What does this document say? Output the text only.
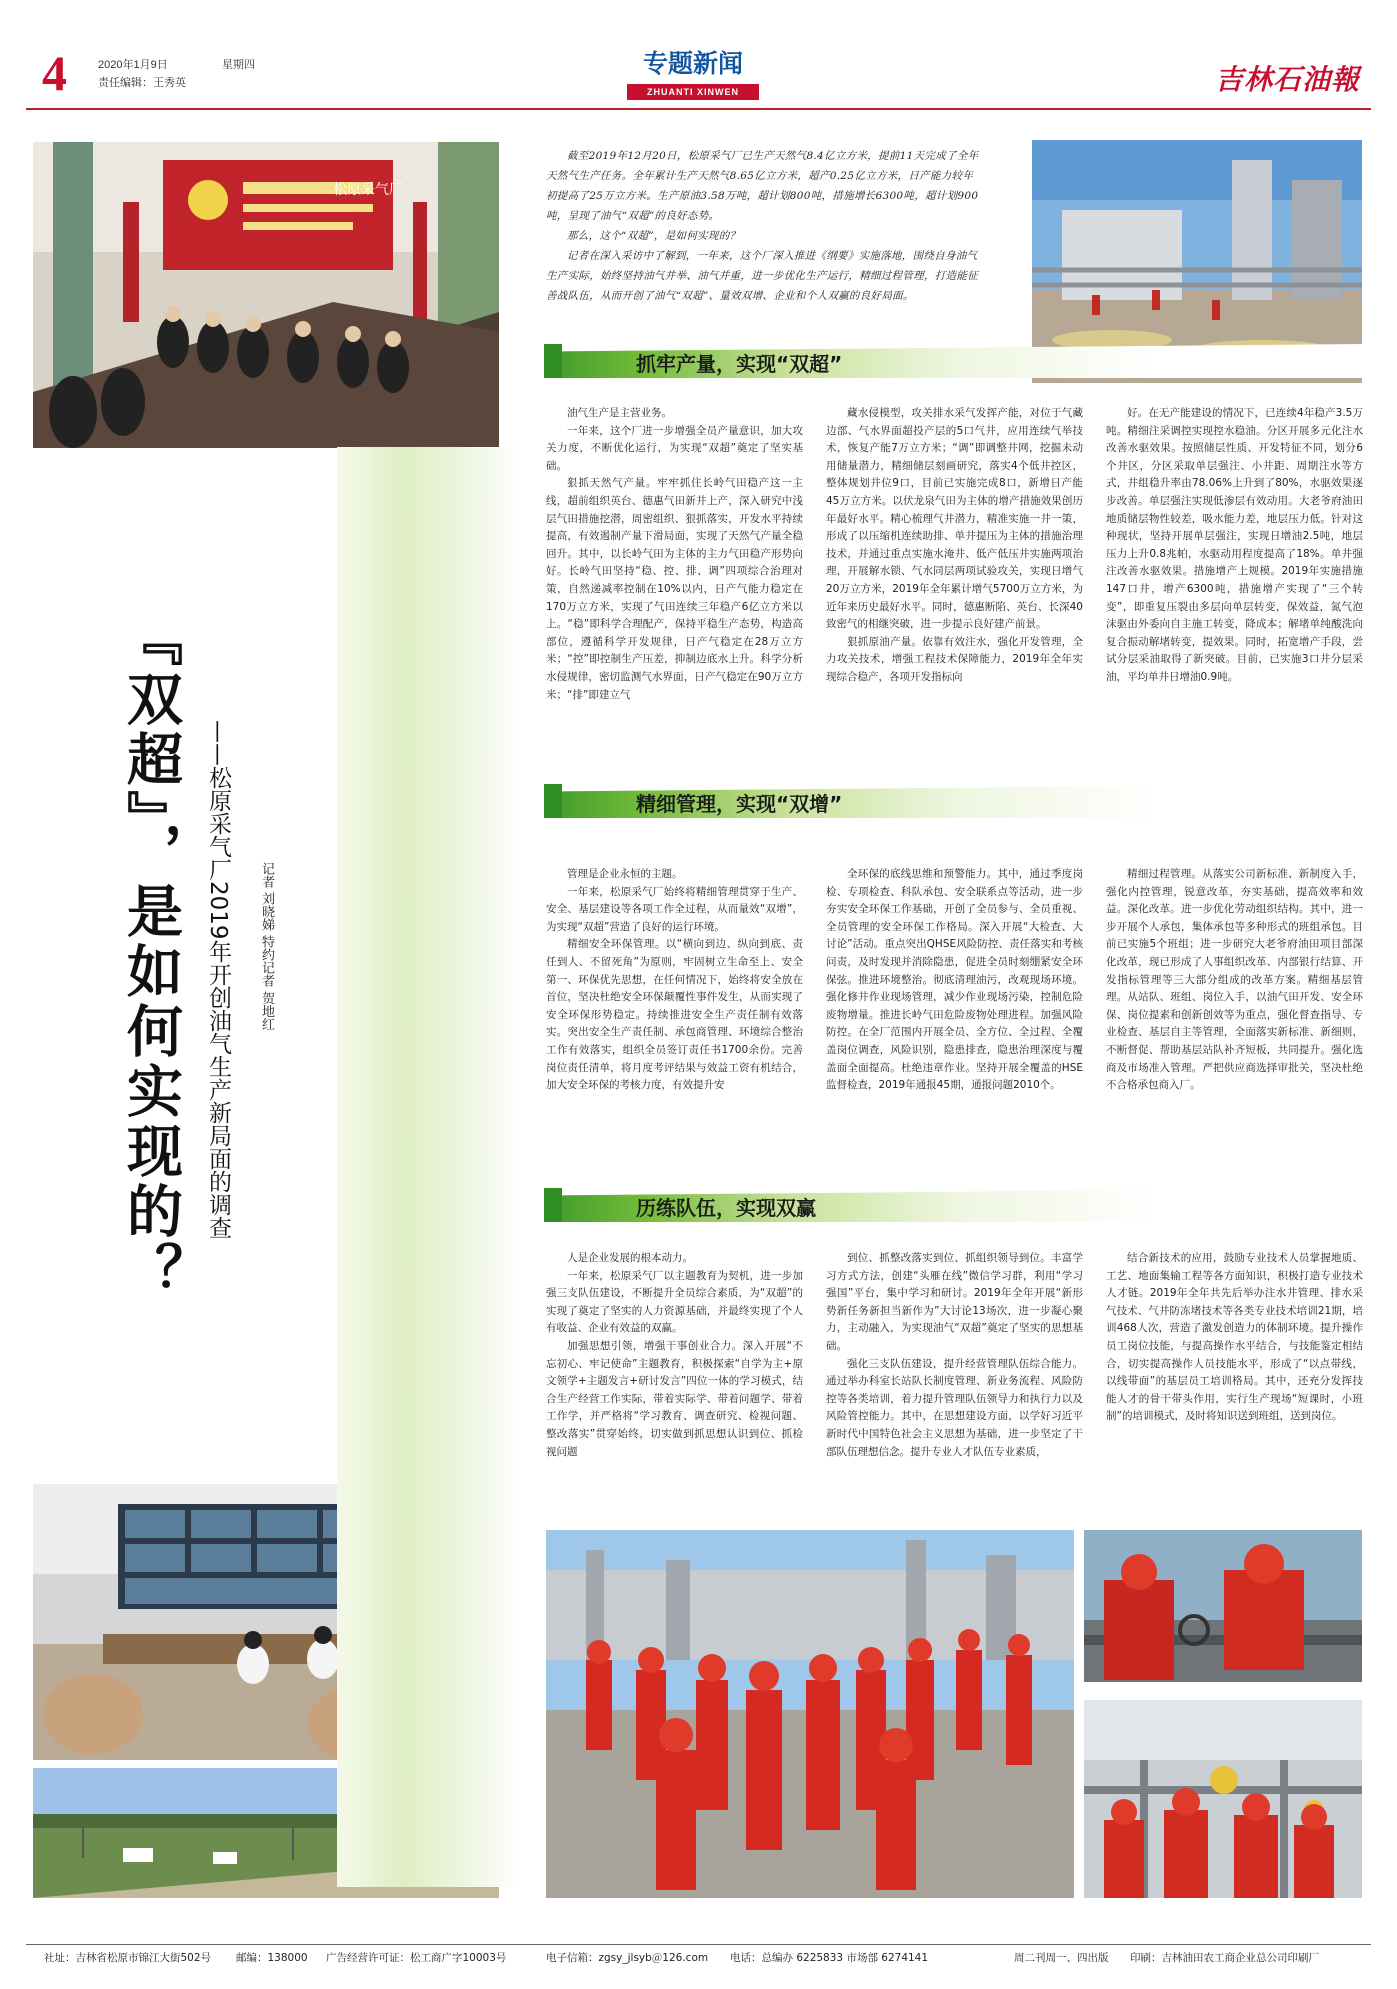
4	2020年1月9日	星期四
责任编辑：王秀英
专题新闻
ZHUANTI XINWEN	吉林石油報
松原采气厂
『双超』，是如何实现的？ ——松原采气厂2019年开创油气生产新局面的调查 记者 刘晓娣 特约记者 贺地红

截至2019年12月20日，松原采气厂已生产天然气8.4亿立方米，提前11天完成了全年天然气生产任务。全年累计生产天然气8.65亿立方米，超产0.25亿立方米，日产能力较年初提高了25万立方米。生产原油3.58万吨，超计划800吨，措施增长6300吨，超计划900吨，呈现了油气“双超”的良好态势。

那么，这个“双超”，是如何实现的？

记者在深入采访中了解到，一年来，这个厂深入推进《纲要》实施落地，围绕自身油气生产实际，始终坚持油气并举、油气并重，进一步优化生产运行，精细过程管理，打造能征善战队伍，从而开创了油气“双超”、量效双增、企业和个人双赢的良好局面。

抓牢产量，实现“双超”

油气生产是主营业务。

一年来，这个厂进一步增强全员产量意识，加大攻关力度，不断优化运行，为实现“双超”奠定了坚实基础。

狠抓天然气产量。牢牢抓住长岭气田稳产这一主线，超前组织英台、德惠气田新井上产，深入研究中浅层气田措施挖潜，周密组织、狠抓落实，开发水平持续提高，有效遏制产量下滑局面，实现了天然气产量全稳回升。其中，以长岭气田为主体的主力气田稳产形势向好。长岭气田坚持“稳、控、排、调”四项综合治理对策，自然递减率控制在10%以内，日产气能力稳定在170万立方米，实现了气田连续三年稳产6亿立方米以上。“稳”即科学合理配产，保持平稳生产态势，构造高部位，遵循科学开发规律，日产气稳定在28万立方米；“控”即控制生产压差，抑制边底水上升。科学分析水侵规律，密切监测气水界面，日产气稳定在90万立方米；“排”即建立气

藏水侵模型，攻关排水采气发挥产能，对位于气藏边部、气水界面超投产层的5口气井，应用连续气举技术，恢复产能7万立方米；“调”即调整井网，挖掘未动用储量潜力，精细储层刻画研究，落实4个低井控区，整体规划井位9口，目前已实施完成8口，新增日产能45万立方米。以伏龙泉气田为主体的增产措施效果创历年最好水平。精心梳理气井潜力，精准实施一井一策，形成了以压缩机连续助排、单井提压为主体的措施治理技术，并通过重点实施水淹井、低产低压井实施两项治理，开展解水锁、气水同层两项试验攻关，实现日增气20万立方米，2019年全年累计增气5700万立方米，为近年来历史最好水平。同时，德惠断陷、英台、长深40致密气的相继突破，进一步提示良好建产前景。

狠抓原油产量。依靠有效注水，强化开发管理，全力攻关技术，增强工程技术保障能力，2019年全年实现综合稳产，各项开发指标向

好。在无产能建设的情况下，已连续4年稳产3.5万吨。精细注采调控实现控水稳油。分区开展多元化注水改善水驱效果。按照储层性质、开发特征不同，划分6个井区，分区采取单层强注、小井距、周期注水等方式，井组稳升率由78.06%上升到了80%，水驱效果逐步改善。单层强注实现低渗层有效动用。大老爷府油田地质储层物性较差，吸水能力差，地层压力低。针对这种现状，坚持开展单层强注，实现日增油2.5吨，地层压力上升0.8兆帕，水驱动用程度提高了18%。单井强注改善水驱效果。措施增产上规模。2019年实施措施147口井，增产6300吨，措施增产实现了“三个转变”，即重复压裂由多层向单层转变，保效益，氮气泡沫驱由外委向自主施工转变，降成本；解堵单纯酸洗向复合振动解堵转变，提效果。同时，拓宽增产手段，尝试分层采油取得了新突破。目前，已实施3口井分层采油，平均单井日增油0.9吨。

精细管理，实现“双增”

管理是企业永恒的主题。

一年来，松原采气厂始终将精细管理贯穿于生产、安全、基层建设等各项工作全过程，从而量效“双增”，为实现“双超”营造了良好的运行环境。

精细安全环保管理。以“横向到边、纵向到底、责任到人、不留死角”为原则，牢固树立生命至上、安全第一、环保优先思想，在任何情况下，始终将安全放在首位，坚决杜绝安全环保颠覆性事件发生，从而实现了安全环保形势稳定。持续推进安全生产责任制有效落实。突出安全生产责任制、承包商管理、环境综合整治工作有效落实，组织全员签订责任书1700余份。完善岗位责任清单，将月度考评结果与效益工资有机结合，加大安全环保的考核力度，有效提升安

全环保的底线思维和预警能力。其中，通过季度岗检、专项检查、科队承包、安全联系点等活动，进一步夯实安全环保工作基础，开创了全员参与、全员重视、全员管理的安全环保工作格局。深入开展“大检查、大讨论”活动。重点突出QHSE风险防控、责任落实和考核问责，及时发现并消除隐患，促进全员时刻绷紧安全环保弦。推进环境整治。彻底清理油污，改观现场环境。强化修井作业现场管理，减少作业现场污染，控制危险废物增量。推进长岭气田危险废物处理进程。加强风险防控。在全厂范围内开展全员、全方位、全过程、全覆盖岗位调查，风险识别，隐患排查，隐患治理深度与覆盖面全面提高。杜绝违章作业。坚持开展全覆盖的HSE监督检查，2019年通报45期，通报问题2010个。

精细过程管理。从落实公司新标准、新制度入手，强化内控管理，锐意改革，夯实基础，提高效率和效益。深化改革。进一步优化劳动组织结构。其中，进一步开展个人承包，集体承包等多种形式的班组承包。目前已实施5个班组；进一步研究大老爷府油田项目部深化改革，现已形成了人事组织改革、内部银行结算、开发指标管理等三大部分组成的改革方案。精细基层管理。从站队、班组、岗位入手，以油气田开发、安全环保、岗位提素和创新创效等为重点，强化督查指导、专业检查、基层自主等管理，全面落实新标准、新细则，不断督促、帮助基层站队补齐短板，共同提升。强化选商及市场准入管理。严把供应商选择审批关，坚决杜绝不合格承包商入厂。

历练队伍，实现双赢

人是企业发展的根本动力。

一年来，松原采气厂以主题教育为契机，进一步加强三支队伍建设，不断提升全员综合素质，为“双超”的实现了奠定了坚实的人力资源基础，并最终实现了个人有收益、企业有效益的双赢。

加强思想引领，增强干事创业合力。深入开展“不忘初心、牢记使命”主题教育，积极探索“自学为主+原文领学+主题发言+研讨发言”四位一体的学习模式，结合生产经营工作实际，带着实际学、带着问题学、带着工作学，并严格将“学习教育、调查研究、检视问题、整改落实”贯穿始终，切实做到抓思想认识到位、抓检视问题

到位、抓整改落实到位、抓组织领导到位。丰富学习方式方法，创建“头雁在线”微信学习群，利用“学习强国”平台，集中学习和研讨。2019年全年开展“新形势新任务新担当新作为”大讨论13场次，进一步凝心聚力，主动融入，为实现油气“双超”奠定了坚实的思想基础。

强化三支队伍建设，提升经营管理队伍综合能力。通过举办科室长站队长制度管理、新业务流程、风险防控等各类培训，着力提升管理队伍领导力和执行力以及风险管控能力。其中，在思想建设方面，以学好习近平新时代中国特色社会主义思想为基础，进一步坚定了干部队伍理想信念。提升专业人才队伍专业素质，

结合新技术的应用，鼓励专业技术人员掌握地质、工艺、地面集输工程等各方面知识，积极打造专业技术人才链。2019年全年共先后举办注水井管理、排水采气技术、气井防冻堵技术等各类专业技术培训21期，培训468人次，营造了激发创造力的体制环境。提升操作员工岗位技能，与提高操作水平结合，与技能鉴定相结合，切实提高操作人员技能水平，形成了“以点带线，以线带面”的基层员工培训格局。其中，还充分发挥技能人才的骨干带头作用，实行生产现场“短课时，小班制”的培训模式，及时将知识送到班组，送到岗位。

社址：吉林省松原市锦江大街502号 邮编：138000 广告经营许可证：松工商广字10003号	电子信箱：zgsy_jlsyb＠126.com 电话：总编办 6225833 市场部 6274141	周二刊周一、四出版 印刷：吉林油田农工商企业总公司印刷厂
